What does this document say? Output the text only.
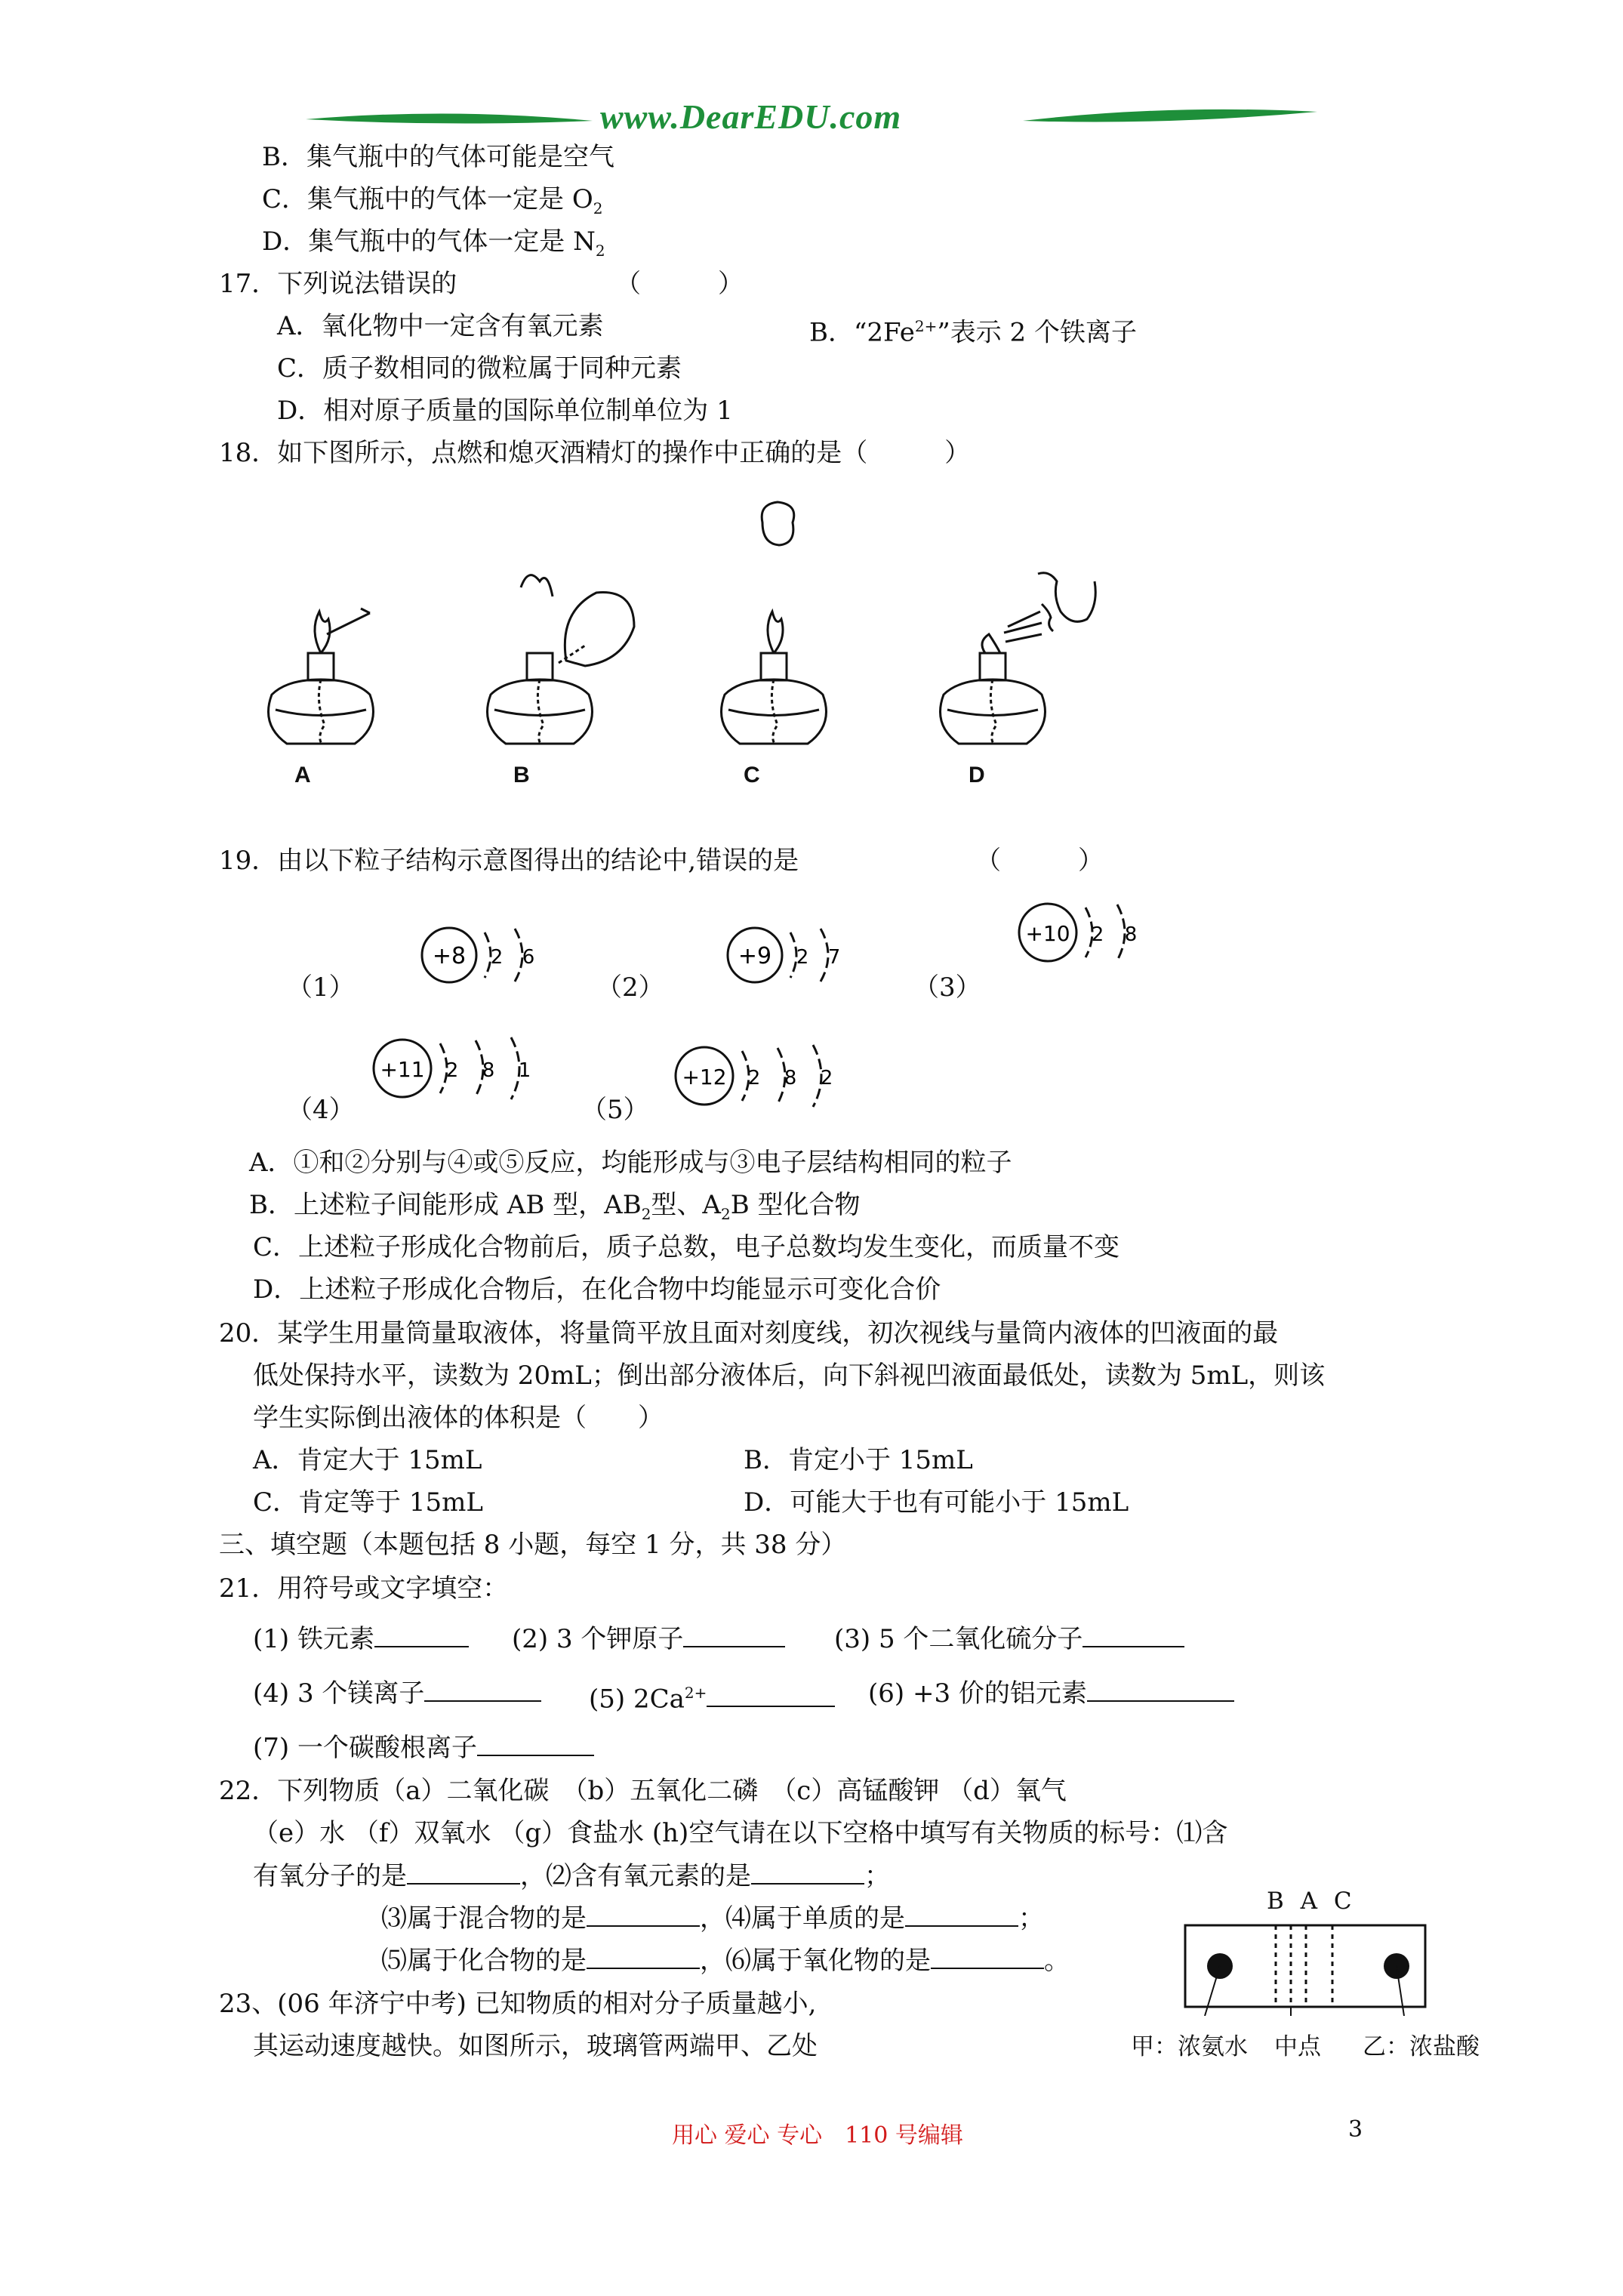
www.DearEDU.com
B．集气瓶中的气体可能是空气
C．集气瓶中的气体一定是 $O_2$
D．集气瓶中的气体一定是 $N_2$
17．下列说法错误的	（　　　）
A．氧化物中一定含有氧元素	B．“$2Fe^{2+}$”表示 2 个铁离子
C．质子数相同的微粒属于同种元素
D．相对原子质量的国际单位制单位为 1
18．如下图所示，点燃和熄灭酒精灯的操作中正确的是（　　　）
A	B	C	D
19．由以下粒子结构示意图得出的结论中,错误的是	（　　　）
（1）	（2）	（3）
（4）	（5）
+8 2 6	+9 2 7
+10 2 8
+11 2 8 1	+12 2 8 2
A．①和②分别与④或⑤反应，均能形成与③电子层结构相同的粒子
B．上述粒子间能形成 AB 型，$AB_2$型、$A_2B$ 型化合物
C．上述粒子形成化合物前后，质子总数，电子总数均发生变化，而质量不变
D．上述粒子形成化合物后，在化合物中均能显示可变化合价
20．某学生用量筒量取液体，将量筒平放且面对刻度线，初次视线与量筒内液体的凹液面的最
低处保持水平，读数为 20mL；倒出部分液体后，向下斜视凹液面最低处，读数为 5mL，则该
学生实际倒出液体的体积是（　　）
A．肯定大于 15mL	B．肯定小于 15mL
C．肯定等于 15mL	D．可能大于也有可能小于 15mL
三、填空题（本题包括 8 小题，每空 1 分，共 38 分）
21．用符号或文字填空：
(1) 铁元素	(2) 3 个钾原子	(3) 5 个二氧化硫分子
(4) 3 个镁离子	(5) $2Ca^{2+}$	(6) +3 价的铝元素
(7) 一个碳酸根离子
22．下列物质（a）二氧化碳　（b）五氧化二磷　（c）高锰酸钾 （d）氧气
（e）水 （f）双氧水 （g）食盐水 (h)空气请在以下空格中填写有关物质的标号：⑴含
有氧分子的是	，⑵含有氧元素的是	；
⑶属于混合物的是	，⑷属于单质的是	；
⑸属于化合物的是	，⑹属于氧化物的是	。
23、(06 年济宁中考) 已知物质的相对分子质量越小,
其运动速度越快。如图所示，玻璃管两端甲、乙处
B A C
甲：浓氨水 中点 乙：浓盐酸
用心 爱心 专心　110 号编辑	3
